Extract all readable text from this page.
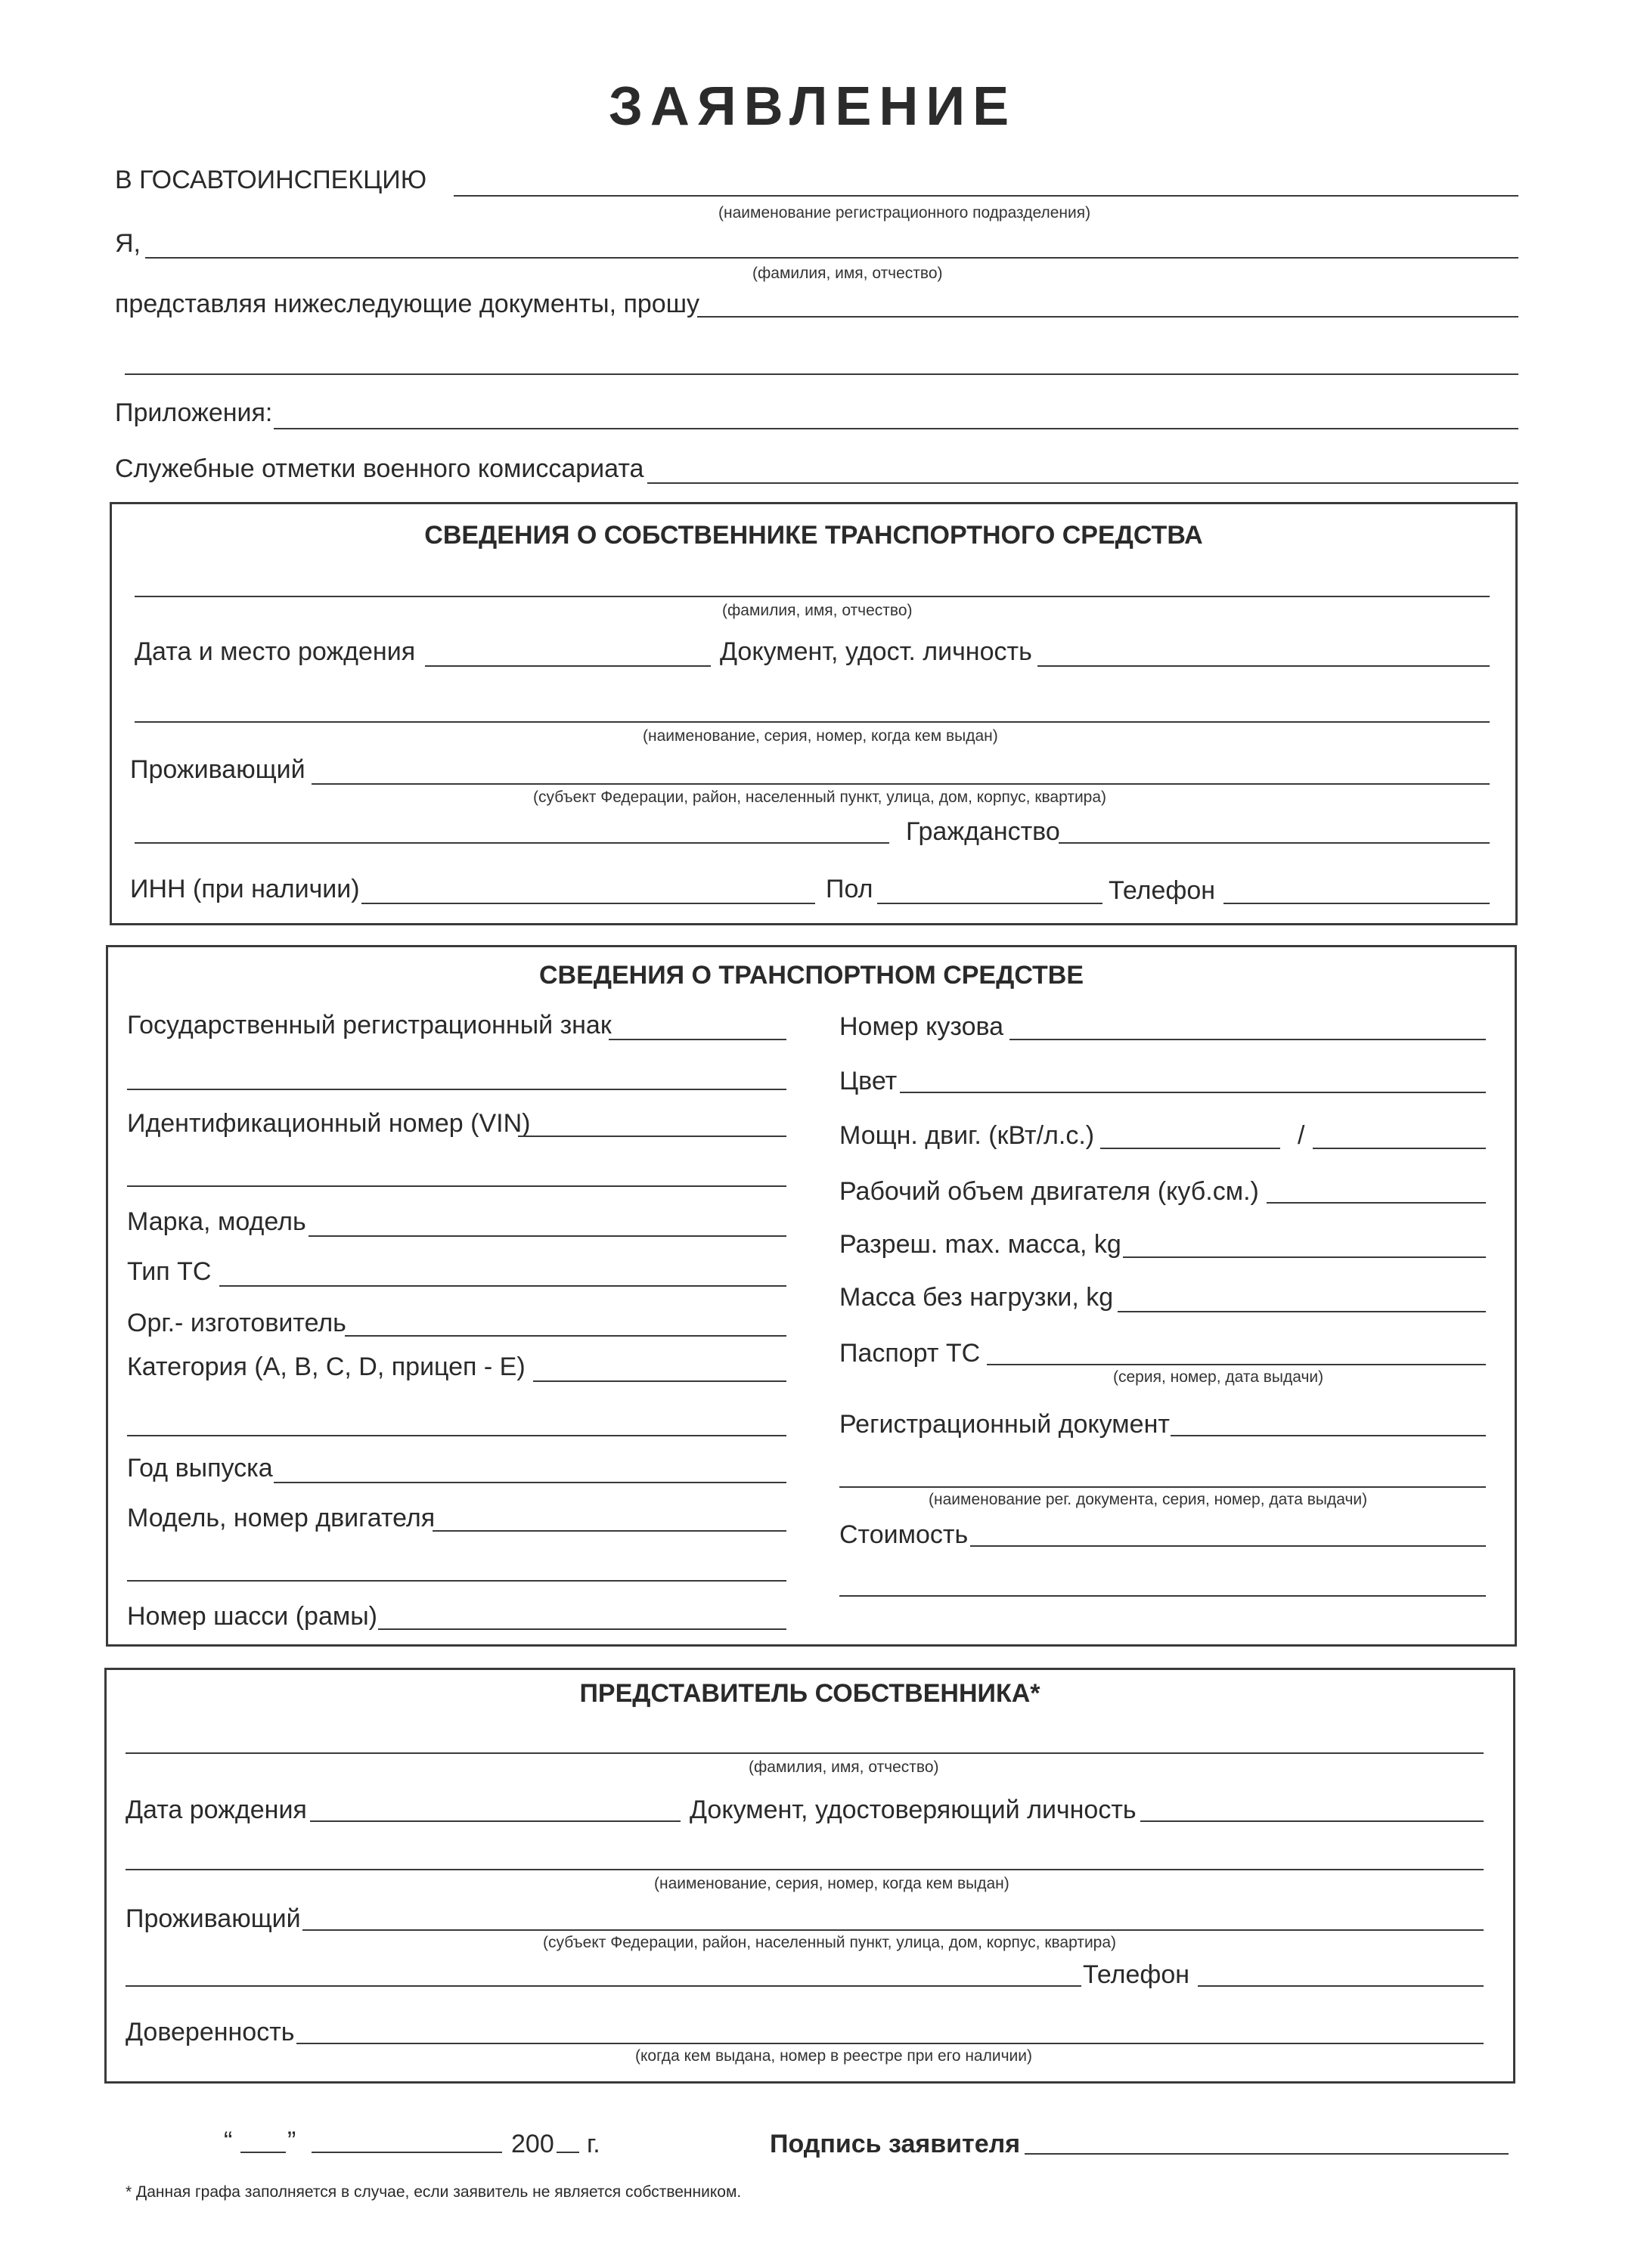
ЗАЯВЛЕНИЕ
В ГОСАВТОИНСПЕКЦИЮ
(наименование регистрационного подразделения)
Я,
(фамилия, имя, отчество)
представляя нижеследующие документы, прошу
Приложения:
Служебные отметки военного комиссариата
СВЕДЕНИЯ О СОБСТВЕННИКЕ ТРАНСПОРТНОГО СРЕДСТВА
(фамилия, имя, отчество)
Дата и место рождения	Документ, удост. личность
(наименование, серия, номер, когда кем выдан)
Проживающий
(субъект Федерации, район, населенный пункт, улица, дом, корпус, квартира)
Гражданство
ИНН (при наличии)	Пол	Телефон
СВЕДЕНИЯ О ТРАНСПОРТНОМ СРЕДСТВЕ
Государственный регистрационный знак
Идентификационный номер (VIN)
Марка, модель
Тип ТС
Орг.- изготовитель
Категория (A, B, C, D, прицеп - E)
Год выпуска
Модель, номер двигателя
Номер шасси (рамы)
Номер кузова
Цвет
Мощн. двиг. (кВт/л.с.)	/
Рабочий объем двигателя (куб.см.)
Разреш. max. масса, kg
Масса без нагрузки, kg
Паспорт ТС
(серия, номер, дата выдачи)
Регистрационный документ
(наименование рег. документа, серия, номер, дата выдачи)
Стоимость
ПРЕДСТАВИТЕЛЬ СОБСТВЕННИКА*
(фамилия, имя, отчество)
Дата рождения	Документ, удостоверяющий личность
(наименование, серия, номер, когда кем выдан)
Проживающий
(субъект Федерации, район, населенный пункт, улица, дом, корпус, квартира)
Телефон
Доверенность
(когда кем выдана, номер в реестре при его наличии)
“ ”	200 г.	Подпись заявителя
* Данная графа заполняется в случае, если заявитель не является собственником.
